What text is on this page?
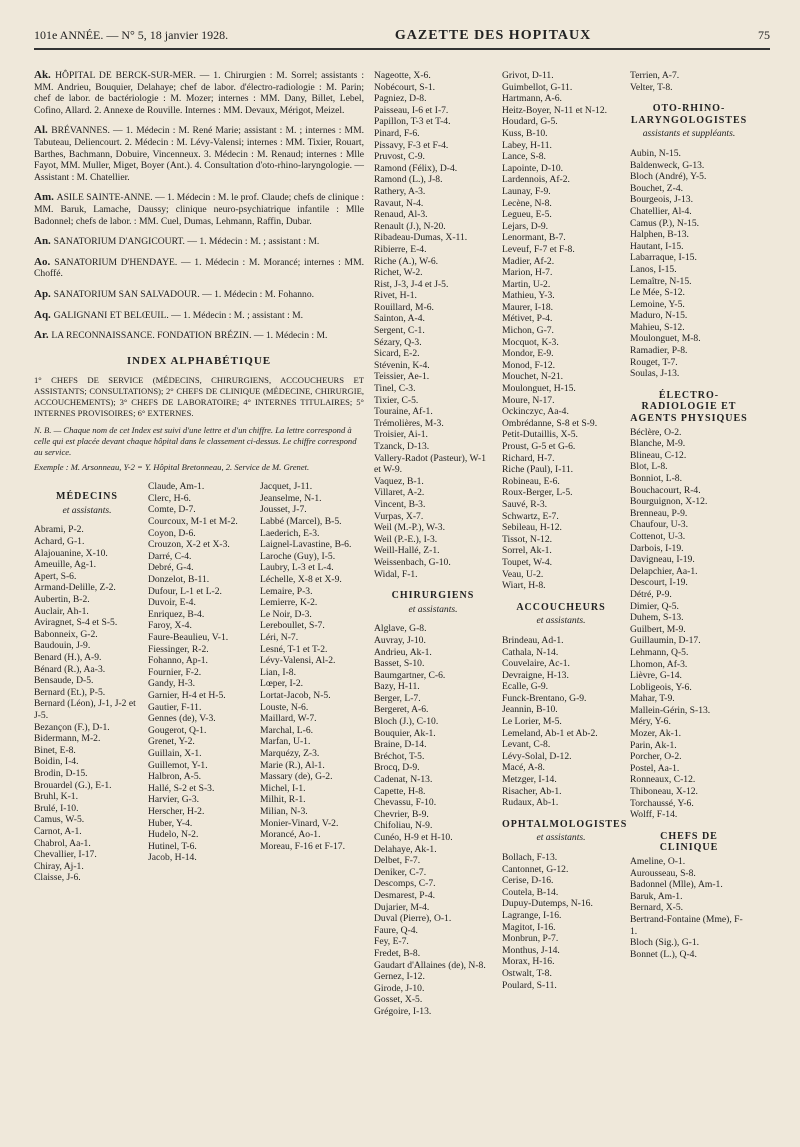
101e ANNÉE. — N° 5, 18 janvier 1928.	GAZETTE DES HOPITAUX	75
Ak. HÔPITAL DE BERCK-SUR-MER. — 1. Chirurgien : M. Sorrel; assistants : MM. Andrieu, Bouquier, Delahaye; chef de labor. d'électro-radiologie : M. Parin; chef de labor. de bactériologie : M. Mozer; internes : MM. Dany, Billet, Lebel, Cofino, Allard. 2. Annexe de Rouville. Internes : MM. Devaux, Mérigot, Meizel.
Al. BRÉVANNES. — 1. Médecin : M. René Marie; assistant : M. ; internes : MM. Tabuteau, Deliencourt. 2. Médecin : M. Lévy-Valensi; internes : MM. Tixier, Rouart, Barthes, Bachmann, Dobuire, Vincenneux. 3. Médecin : M. Renaud; internes : Mlle Fayot, MM. Muller, Miget, Boyer (Ant.). 4. Consultation d'oto-rhino-laryngologie. — Assistant : M. Chatellier.
Am. ASILE SAINTE-ANNE. — 1. Médecin : M. le prof. Claude; chefs de clinique : MM. Baruk, Lamache, Daussy; clinique neuro-psychiatrique infantile : Mlle Badonnel; chefs de labor. : MM. Cuel, Dumas, Lehmann, Raffin, Dubar.
An. SANATORIUM D'ANGICOURT. — 1. Médecin : M. ; assistant : M.
Ao. SANATORIUM D'HENDAYE. — 1. Médecin : M. Morancé; internes : MM. Choffé.
Ap. SANATORIUM SAN SALVADOUR. — 1. Médecin : M. Fohanno.
Aq. GALIGNANI ET BELŒUIL. — 1. Médecin : M. ; assistant : M.
Ar. LA RECONNAISSANCE. FONDATION BRÉZIN. — 1. Médecin : M.
INDEX ALPHABÉTIQUE
1° CHEFS DE SERVICE (MÉDECINS, CHIRURGIENS, ACCOUCHEURS ET ASSISTANTS; CONSULTATIONS); 2° CHEFS DE CLINIQUE (MÉDECINE, CHIRURGIE, ACCOUCHEMENTS); 3° CHEFS DE LABORATOIRE; 4° INTERNES TITULAIRES; 5° INTERNES PROVISOIRES; 6° EXTERNES.
N. B. — Chaque nom de cet Index est suivi d'une lettre et d'un chiffre. La lettre correspond à celle qui est placée devant chaque hôpital dans le classement ci-dessus. Le chiffre correspond au service.
Exemple : M. Arsonneau, Y-2 = Y. Hôpital Bretonneau, 2. Service de M. Grenet.
MÉDECINS
et assistants.
Abrami, P-2.
Achard, G-1.
Alajouanine, X-10.
Ameuille, Ag-1.
Apert, S-6.
Armand-Delille, Z-2.
Aubertin, B-2.
Auclair, Ah-1.
Aviragnet, S-4 et S-5.
Babonneix, G-2.
Baudouin, J-9.
Benard (H.), A-9.
Bénard (R.), Aa-3.
Bensaude, D-5.
Bernard (Et.), P-5.
Bernard (Léon), J-1, J-2 et J-5.
Bezançon (F.), D-1.
Bidermann, M-2.
Binet, E-8.
Boidin, I-4.
Brodin, D-15.
Brouardel (G.), E-1.
Bruhl, K-1.
Brulé, I-10.
Camus, W-5.
Carnot, A-1.
Chabrol, Aa-1.
Chevallier, I-17.
Chiray, Aj-1.
Claisse, J-6.
Claude, Am-1.
Clerc, H-6.
Comte, D-7.
Courcoux, M-1 et M-2.
Coyon, D-6.
Crouzon, X-2 et X-3.
Darré, C-4.
Debré, G-4.
Donzelot, B-11.
Dufour, L-1 et L-2.
Duvoir, E-4.
Enriquez, B-4.
Faroy, X-4.
Faure-Beaulieu, V-1.
Fiessinger, R-2.
Fohanno, Ap-1.
Fournier, F-2.
Gandy, H-3.
Garnier, H-4 et H-5.
Gautier, F-11.
Gennes (de), V-3.
Gougerot, Q-1.
Grenet, Y-2.
Guillain, X-1.
Guillemot, Y-1.
Halbron, A-5.
Hallé, S-2 et S-3.
Harvier, G-3.
Herscher, H-2.
Huber, Y-4.
Hudelo, N-2.
Hutinel, T-6.
Jacob, H-14.
Jacquet, J-11.
Jeanselme, N-1.
Jousset, J-7.
Labbé (Marcel), B-5.
Laederich, E-3.
Laignel-Lavastine, B-6.
Laroche (Guy), I-5.
Laubry, L-3 et L-4.
Léchelle, X-8 et X-9.
Lemaire, P-3.
Lemierre, K-2.
Le Noir, D-3.
Lereboullet, S-7.
Léri, N-7.
Lesné, T-1 et T-2.
Lévy-Valensi, Al-2.
Lian, I-8.
Lœper, I-2.
Lortat-Jacob, N-5.
Louste, N-6.
Maillard, W-7.
Marchal, L-6.
Marfan, U-1.
Marquézy, Z-3.
Marie (R.), Al-1.
Massary (de), G-2.
Michel, I-1.
Milhit, R-1.
Milian, N-3.
Monier-Vinard, V-2.
Morancé, Ao-1.
Moreau, F-16 et F-17.
Nageotte, X-6.
Nobécourt, S-1.
Pagniez, D-8.
Paisseau, I-6 et I-7.
Papillon, T-3 et T-4.
Pinard, F-6.
Pissavy, F-3 et F-4.
Pruvost, C-9.
Ramond (Félix), D-4.
Ramond (L.), J-8.
Rathery, A-3.
Ravaut, N-4.
Renaud, Al-3.
Renault (J.), N-20.
Ribadeau-Dumas, X-11.
Ribierre, E-4.
Riche (A.), W-6.
Richet, W-2.
Rist, J-3, J-4 et J-5.
Rivet, H-1.
Rouillard, M-6.
Sainton, A-4.
Sergent, C-1.
Sézary, Q-3.
Sicard, E-2.
Stévenin, K-4.
Teissier, Ae-1.
Tinel, C-3.
Tixier, C-5.
Touraine, Af-1.
Trémolières, M-3.
Troisier, Ai-1.
Tzanck, D-13.
Vallery-Radot (Pasteur), W-1 et W-9.
Vaquez, B-1.
Villaret, A-2.
Vincent, B-3.
Vurpas, X-7.
Weil (M.-P.), W-3.
Weil (P.-E.), I-3.
Weill-Hallé, Z-1.
Weissenbach, G-10.
Widal, F-1.
CHIRURGIENS
et assistants.
Alglave, G-8.
Auvray, J-10.
Andrieu, Ak-1.
Basset, S-10.
Baumgartner, C-6.
Bazy, H-11.
Berger, L-7.
Bergeret, A-6.
Bloch (J.), C-10.
Bouquier, Ak-1.
Braine, D-14.
Bréchot, T-5.
Brocq, D-9.
Cadenat, N-13.
Capette, H-8.
Chevassu, F-10.
Chevrier, B-9.
Chifoliau, N-9.
Cunéo, H-9 et H-10.
Delahaye, Ak-1.
Delbet, F-7.
Deniker, C-7.
Descomps, C-7.
Desmarest, P-4.
Dujarier, M-4.
Duval (Pierre), O-1.
Faure, Q-4.
Fey, E-7.
Fredet, B-8.
Gaudart d'Allaines (de), N-8.
Gernez, I-12.
Girode, J-10.
Gosset, X-5.
Grégoire, I-13.
Grivot, D-11.
Guimbellot, G-11.
Hartmann, A-6.
Heitz-Boyer, N-11 et N-12.
Houdard, G-5.
Kuss, B-10.
Labey, H-11.
Lance, S-8.
Lapointe, D-10.
Lardennois, Af-2.
Launay, F-9.
Lecène, N-8.
Legueu, E-5.
Lejars, D-9.
Lenormant, B-7.
Leveuf, F-7 et F-8.
Madier, Af-2.
Marion, H-7.
Martin, U-2.
Mathieu, Y-3.
Maurer, I-18.
Métivet, P-4.
Michon, G-7.
Mocquot, K-3.
Mondor, E-9.
Monod, F-12.
Mouchet, N-21.
Moulonguet, H-15.
Moure, N-17.
Ockinczyc, Aa-4.
Ombrédanne, S-8 et S-9.
Petit-Dutaillis, X-5.
Proust, G-5 et G-6.
Richard, H-7.
Riche (Paul), I-11.
Robineau, E-6.
Roux-Berger, L-5.
Sauvé, R-3.
Schwartz, E-7.
Sebileau, H-12.
Tissot, N-12.
Sorrel, Ak-1.
Toupet, W-4.
Veau, U-2.
Wiart, H-8.
ACCOUCHEURS
et assistants.
Brindeau, Ad-1.
Cathala, N-14.
Couvelaire, Ac-1.
Devraigne, H-13.
Ecalle, G-9.
Funck-Brentano, G-9.
Jeannin, B-10.
Le Lorier, M-5.
Lemeland, Ab-1 et Ab-2.
Levant, C-8.
Lévy-Solal, D-12.
Macé, A-8.
Metzger, I-14.
Risacher, Ab-1.
Rudaux, Ab-1.
OPHTALMOLOGISTES
et assistants.
Bollach, F-13.
Cantonnet, G-12.
Cerise, D-16.
Coutela, B-14.
Dupuy-Dutemps, N-16.
Lagrange, I-16.
Magitot, I-16.
Monbrun, P-7.
Monthus, J-14.
Morax, H-16.
Ostwalt, T-8.
Poulard, S-11.
Terrien, A-7.
Velter, T-8.
OTO-RHINO-LARYNGOLOGISTES
assistants et suppléants.
Aubin, N-15.
Baldenweck, G-13.
Bloch (André), Y-5.
Bouchet, Z-4.
Bourgeois, J-13.
Chatellier, Al-4.
Camus (P.), N-15.
Halphen, B-13.
Hautant, I-15.
Labarraque, I-15.
Lanos, I-15.
Lemaître, N-15.
Le Mée, S-12.
Lemoine, Y-5.
Maduro, N-15.
Mahieu, S-12.
Moulonguet, M-8.
Ramadier, P-8.
Rouget, T-7.
Soulas, J-13.
ÉLECTRO-RADIOLOGIE ET AGENTS PHYSIQUES
Béclère, O-2.
Blanche, M-9.
Blineau, C-12.
Blot, L-8.
Bonniot, L-8.
Bouchacourt, R-4.
Bourguignon, X-12.
Brenneau, P-9.
Chaufour, U-3.
Cottenot, U-3.
Darbois, I-19.
Davigneau, I-19.
Delapchier, Aa-1.
Descourt, I-19.
Détré, P-9.
Dimier, Q-5.
Duhem, S-13.
Guilbert, M-9.
Guillaumin, D-17.
Lehmann, Q-5.
Lhomon, Af-3.
Lièvre, G-14.
Lobligeois, Y-6.
Mahar, T-9.
Mallein-Gérin, S-13.
Méry, Y-6.
Mozer, Ak-1.
Parin, Ak-1.
Porcher, O-2.
Postel, Aa-1.
Ronneaux, C-12.
Thiboneau, X-12.
Torchaussé, Y-6.
Wolff, F-14.
CHEFS DE CLINIQUE
Ameline, O-1.
Aurousseau, S-8.
Badonnel (Mlle), Am-1.
Baruk, Am-1.
Bernard, X-5.
Bertrand-Fontaine (Mme), F-1.
Bloch (Sig.), G-1.
Bonnet (L.), Q-4.
